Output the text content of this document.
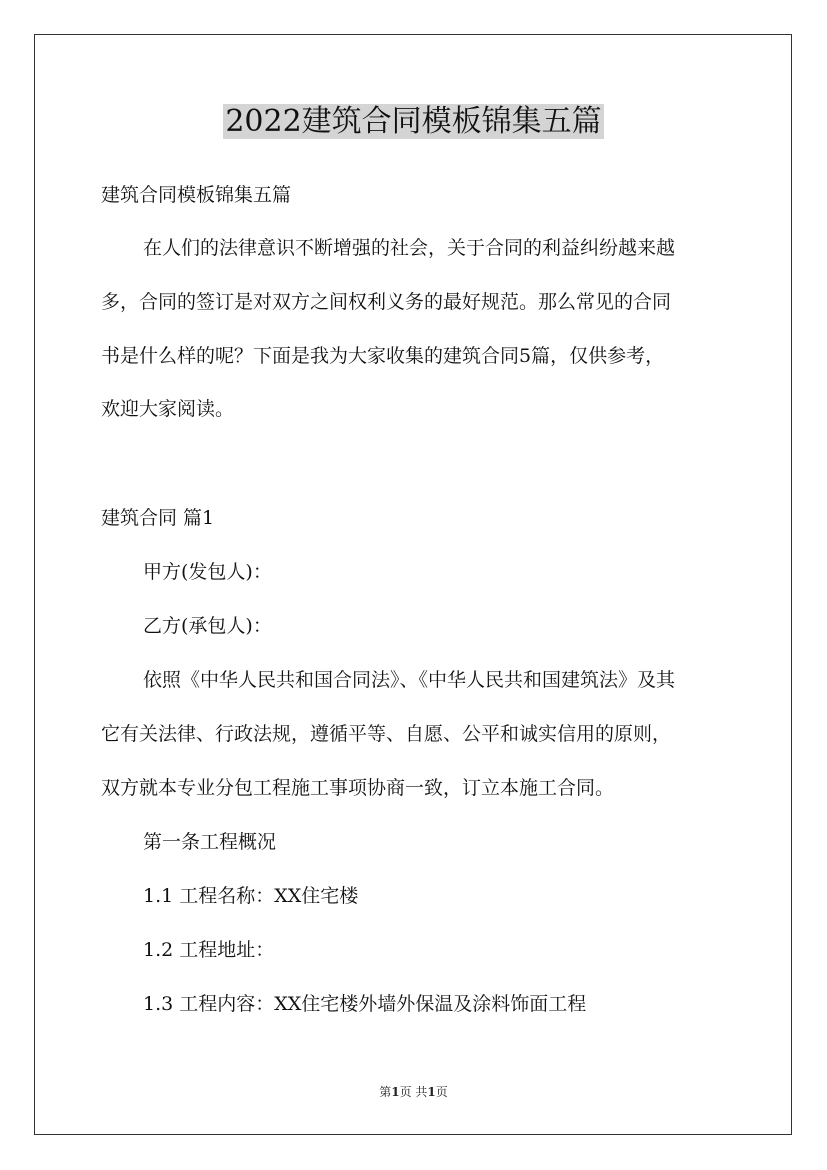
2022建筑合同模板锦集五篇
建筑合同模板锦集五篇
在人们的法律意识不断增强的社会，关于合同的利益纠纷越来越
多，合同的签订是对双方之间权利义务的最好规范。那么常见的合同
书是什么样的呢？下面是我为大家收集的建筑合同5篇，仅供参考，
欢迎大家阅读。
建筑合同 篇1
甲方(发包人)：
乙方(承包人)：
依照《中华人民共和国合同法》、《中华人民共和国建筑法》及其
它有关法律、行政法规，遵循平等、自愿、公平和诚实信用的原则，
双方就本专业分包工程施工事项协商一致，订立本施工合同。
第一条工程概况
1.1 工程名称：XX住宅楼
1.2 工程地址：
1.3 工程内容：XX住宅楼外墙外保温及涂料饰面工程
第1页 共1页
